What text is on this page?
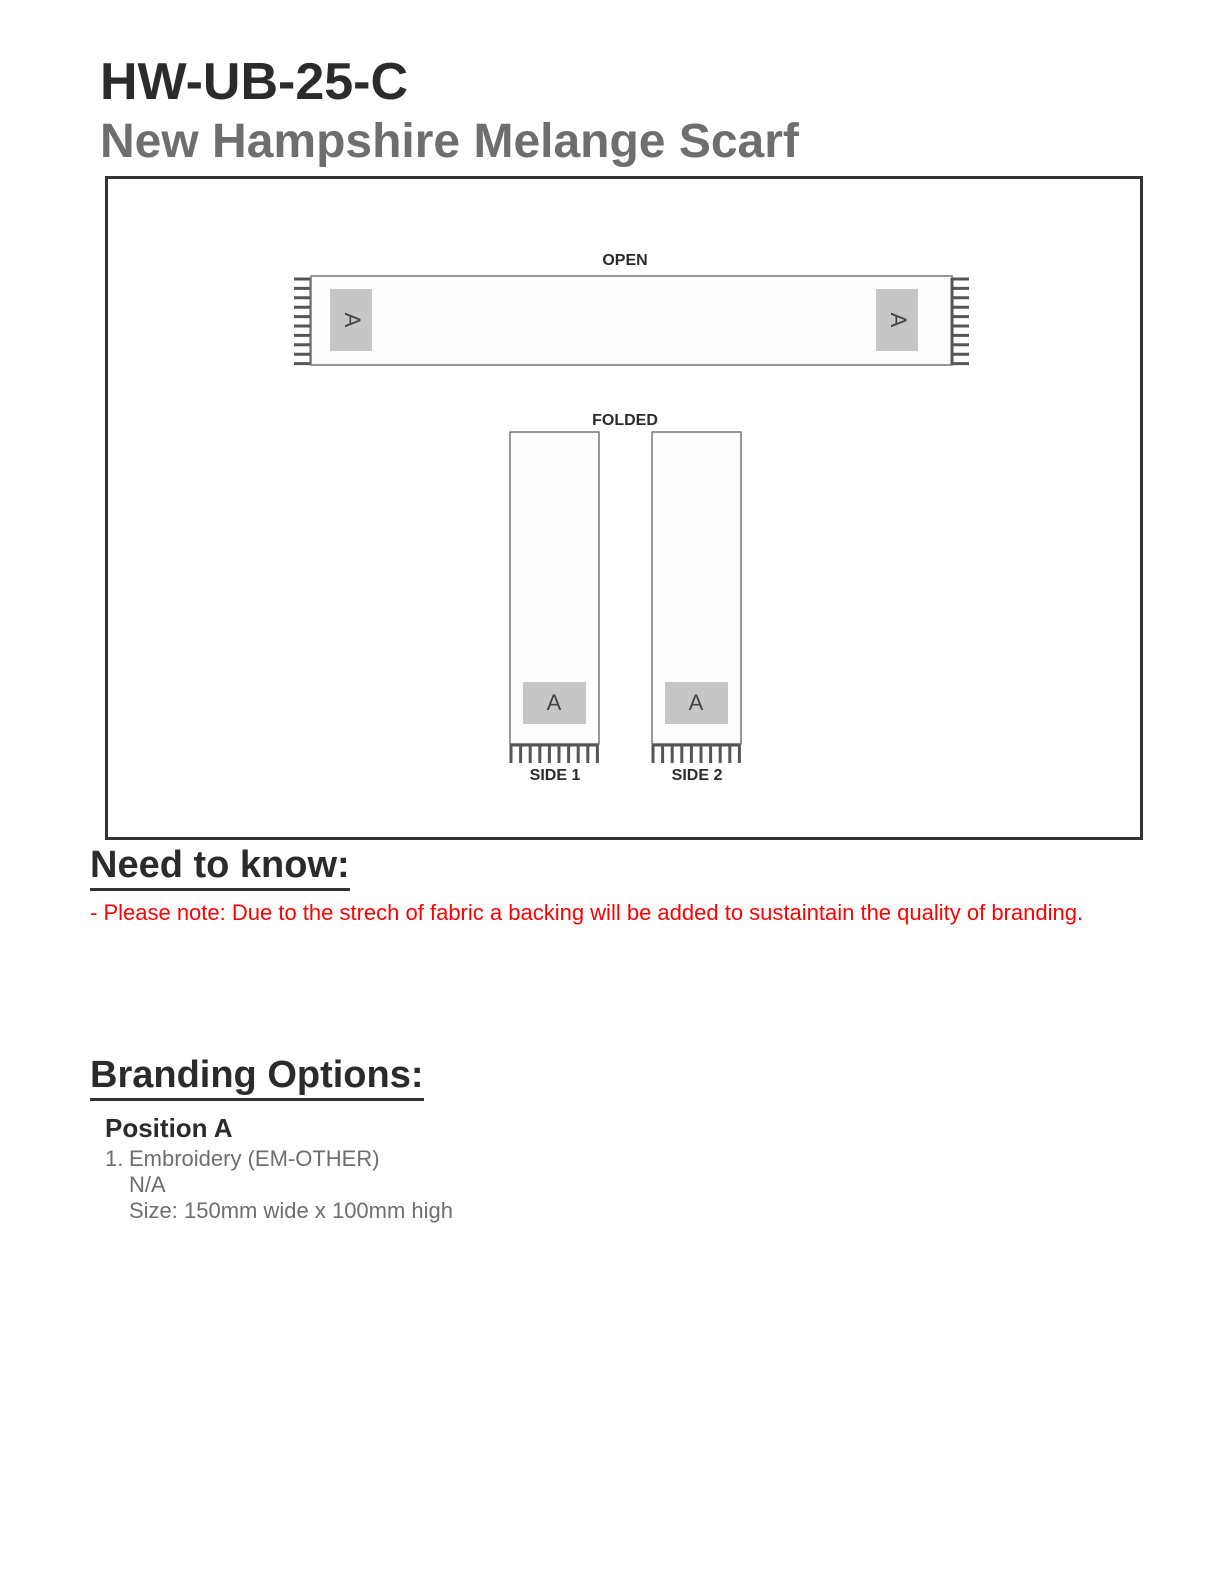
HW-UB-25-C
New Hampshire Melange Scarf
OPEN
A	A
FOLDED
A
SIDE 1
A
SIDE 2
Need to know:

- Please note: Due to the strech of fabric a backing will be added to sustaintain the quality of branding.

Branding Options:
Position A
1. Embroidery (EM-OTHER)
N/A
Size: 150mm wide x 100mm high
